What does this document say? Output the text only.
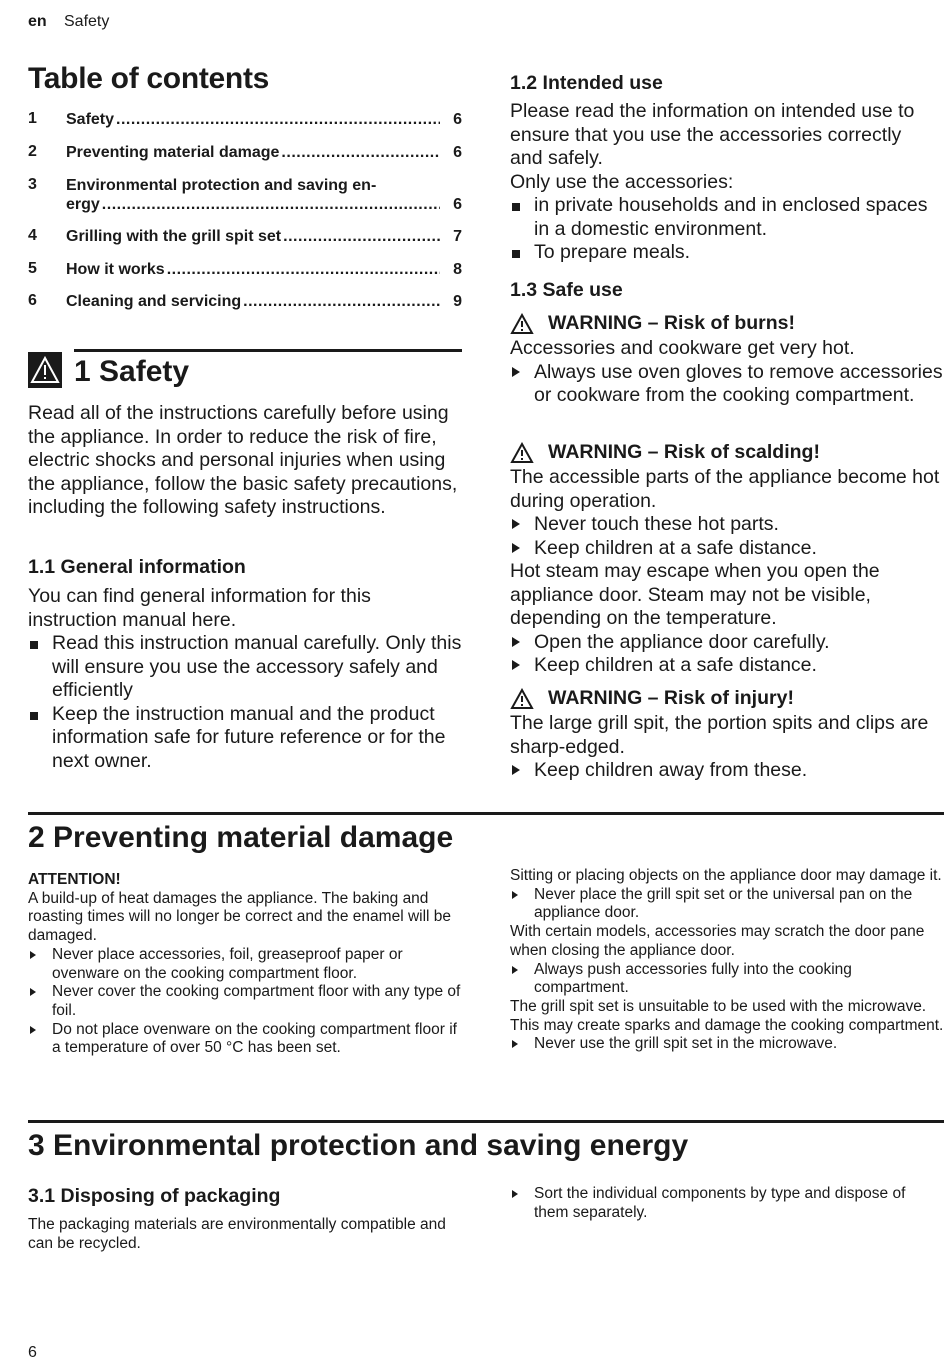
en Safety
Table of contents
1 Safety .....	6
2 Preventing material damage .....	6
3 Environmental protection and saving en-
ergy .....	6
4 Grilling with the grill spit set .....	7
5 How it works .....	8
6 Cleaning and servicing .....	9
1 Safety
Read all of the instructions carefully before using the appliance. In order to reduce the risk of fire, electric shocks and personal injuries when using the appliance, follow the basic safety precautions, including the following safety instructions.
1.1 General information

You can find general information for this instruction manual here.

Read this instruction manual carefully. Only this will ensure you use the accessory safely and efficiently
Keep the instruction manual and the product information safe for future reference or for the next owner.
1.2 Intended use

Please read the information on intended use to ensure that you use the accessories correctly and safely.

Only use the accessories:

in private households and in enclosed spaces in a domestic environment.
To prepare meals.
1.3 Safe use
WARNING – Risk of burns!

Accessories and cookware get very hot.

Always use oven gloves to remove accessories or cookware from the cooking compartment.
WARNING – Risk of scalding!

The accessible parts of the appliance become hot during operation.

Never touch these hot parts.
Keep children at a safe distance.

Hot steam may escape when you open the appliance door. Steam may not be visible, depending on the temperature.

Open the appliance door carefully.
Keep children at a safe distance.
WARNING – Risk of injury!

The large grill spit, the portion spits and clips are sharp-edged.

Keep children away from these.
2 Preventing material damage

ATTENTION!

A build-up of heat damages the appliance. The baking and roasting times will no longer be correct and the enamel will be damaged.

Never place accessories, foil, greaseproof paper or ovenware on the cooking compartment floor.
Never cover the cooking compartment floor with any type of foil.
Do not place ovenware on the cooking compartment floor if a temperature of over 50 °C has been set.

Sitting or placing objects on the appliance door may damage it.

Never place the grill spit set or the universal pan on the appliance door.

With certain models, accessories may scratch the door pane when closing the appliance door.

Always push accessories fully into the cooking compartment.

The grill spit set is unsuitable to be used with the microwave. This may create sparks and damage the cooking compartment.

Never use the grill spit set in the microwave.
3 Environmental protection and saving energy
3.1 Disposing of packaging
The packaging materials are environmentally compatible and can be recycled.
Sort the individual components by type and dispose of them separately.
6
